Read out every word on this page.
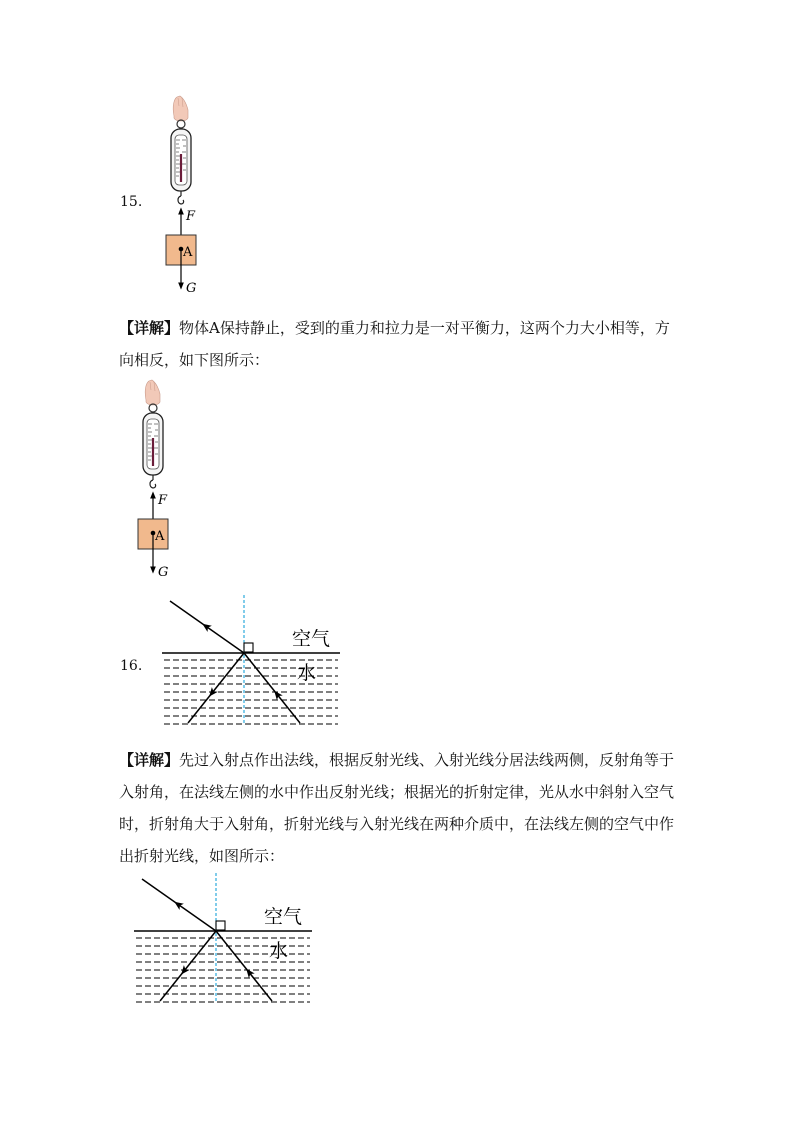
15.
F
A
G

【详解】物体A保持静止，受到的重力和拉力是一对平衡力，这两个力大小相等，方向相反，如下图所示：

F
A
G
16.
空气
水

【详解】先过入射点作出法线，根据反射光线、入射光线分居法线两侧，反射角等于入射角，在法线左侧的水中作出反射光线；根据光的折射定律，光从水中斜射入空气时，折射角大于入射角，折射光线与入射光线在两种介质中，在法线左侧的空气中作出折射光线，如图所示：

空气
水
